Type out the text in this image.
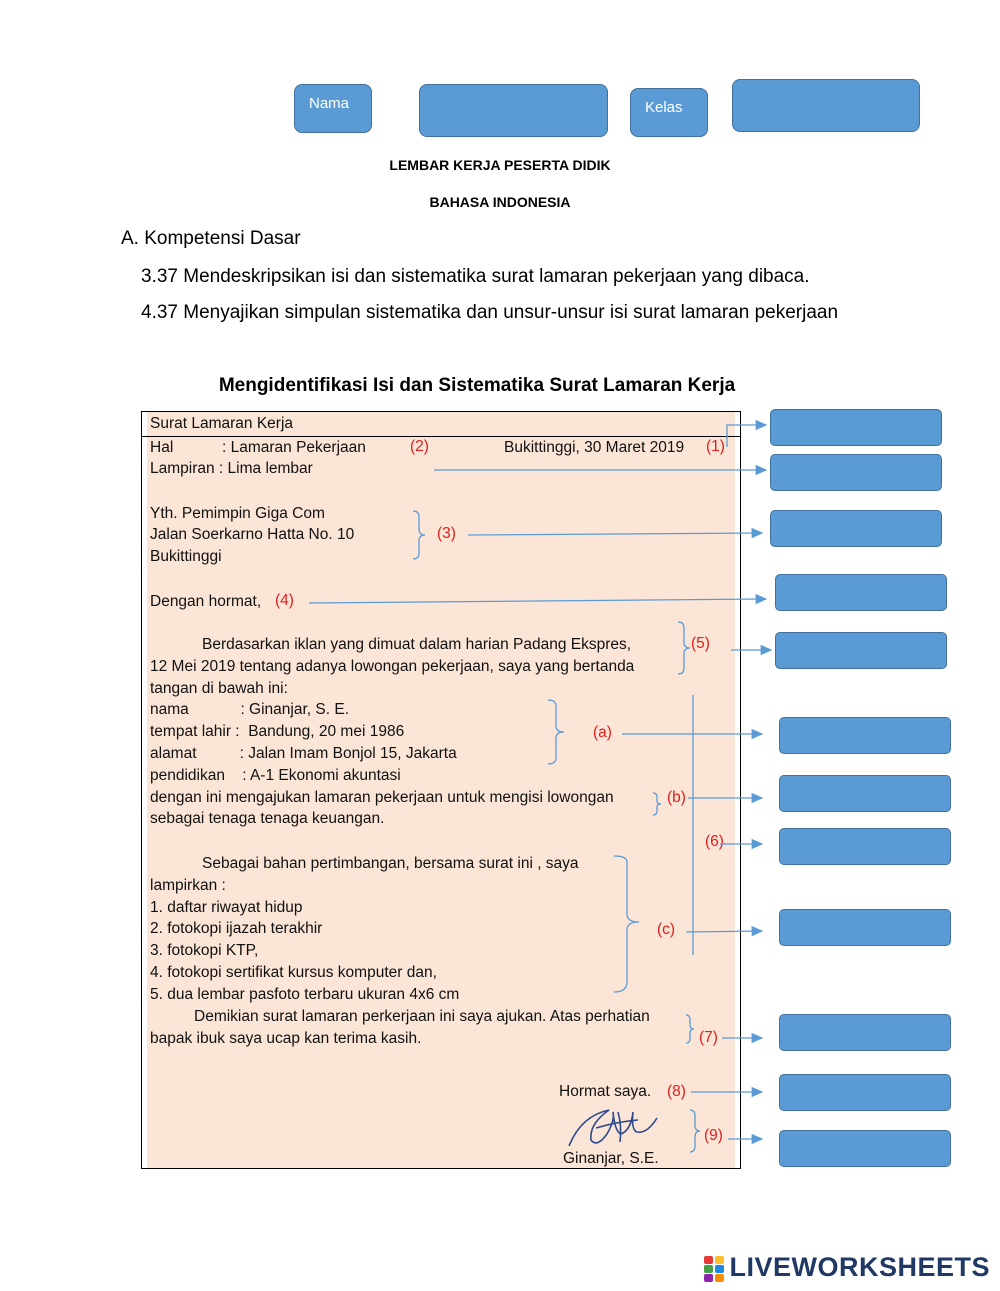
Nama	Kelas
LEMBAR KERJA PESERTA DIDIK
BAHASA INDONESIA
A. Kompetensi Dasar
3.37 Mendeskripsikan isi dan sistematika surat lamaran pekerjaan yang dibaca.
4.37 Menyajikan simpulan sistematika dan unsur-unsur isi surat lamaran pekerjaan
Mengidentifikasi Isi dan Sistematika Surat Lamaran Kerja
Surat Lamaran Kerja
Hal	: Lamaran Pekerjaan	Bukittinggi, 30 Maret 2019
Lampiran : Lima lembar
Yth. Pemimpin Giga Com
Jalan Soerkarno Hatta No. 10
Bukittinggi
Dengan hormat,
Berdasarkan iklan yang dimuat dalam harian Padang Ekspres,
12 Mei 2019 tentang adanya lowongan pekerjaan, saya yang bertanda
tangan di bawah ini:
nama            : Ginanjar, S. E.
tempat lahir :  Bandung, 20 mei 1986
alamat          : Jalan Imam Bonjol 15, Jakarta
pendidikan    : A-1 Ekonomi akuntasi
dengan ini mengajukan lamaran pekerjaan untuk mengisi lowongan
sebagai tenaga tenaga keuangan.
Sebagai bahan pertimbangan, bersama surat ini , saya
lampirkan :
1. daftar riwayat hidup
2. fotokopi ijazah terakhir
3. fotokopi KTP,
4. fotokopi sertifikat kursus komputer dan,
5. dua lembar pasfoto terbaru ukuran 4x6 cm
Demikian surat lamaran perkerjaan ini saya ajukan. Atas perhatian
bapak ibuk saya ucap kan terima kasih.
Hormat saya.
Ginanjar, S.E.
(2)	(1)
(3)
(4)
(5)
(a)
(b)
(6)
(c)
(7)
(8)
(9)
LIVEWORKSHEETS
